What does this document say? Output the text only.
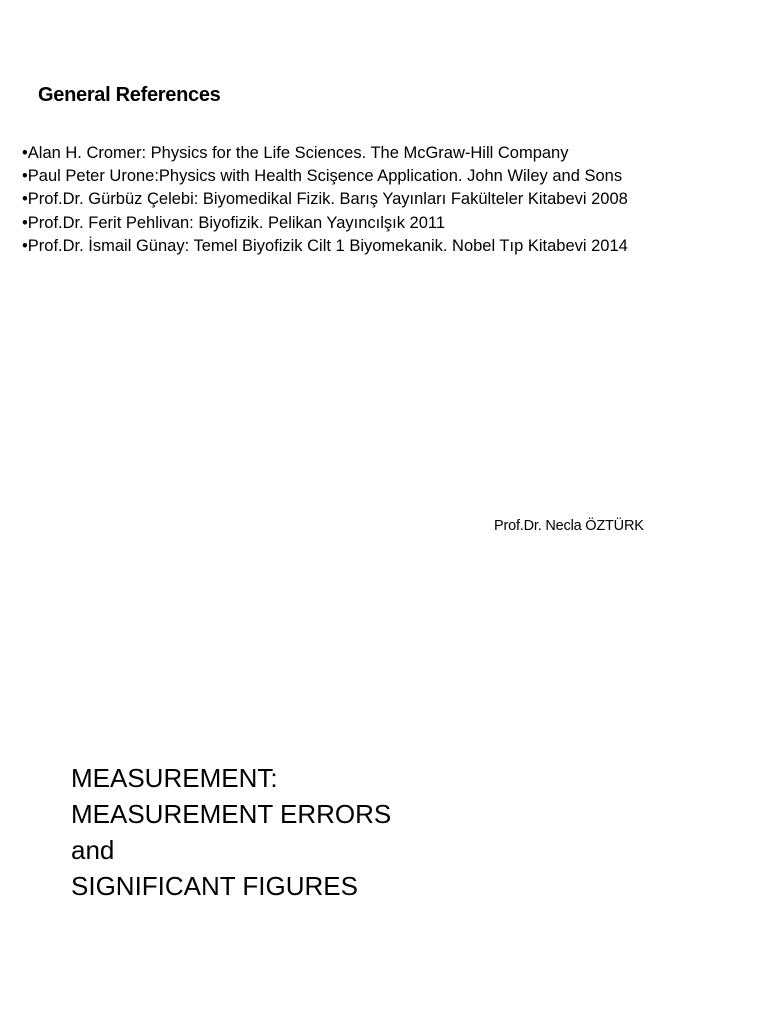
General References
•Alan H. Cromer: Physics for the Life Sciences. The McGraw-Hill Company
•Paul Peter Urone:Physics with Health Scişence Application. John Wiley and Sons
•Prof.Dr. Gürbüz Çelebi: Biyomedikal Fizik. Barış Yayınları Fakülteler Kitabevi 2008
•Prof.Dr. Ferit Pehlivan: Biyofizik. Pelikan Yayıncılşık 2011
•Prof.Dr. İsmail Günay: Temel Biyofizik Cilt 1 Biyomekanik. Nobel Tıp Kitabevi 2014
Prof.Dr. Necla ÖZTÜRK
MEASUREMENT:
MEASUREMENT ERRORS
and
SIGNIFICANT FIGURES
